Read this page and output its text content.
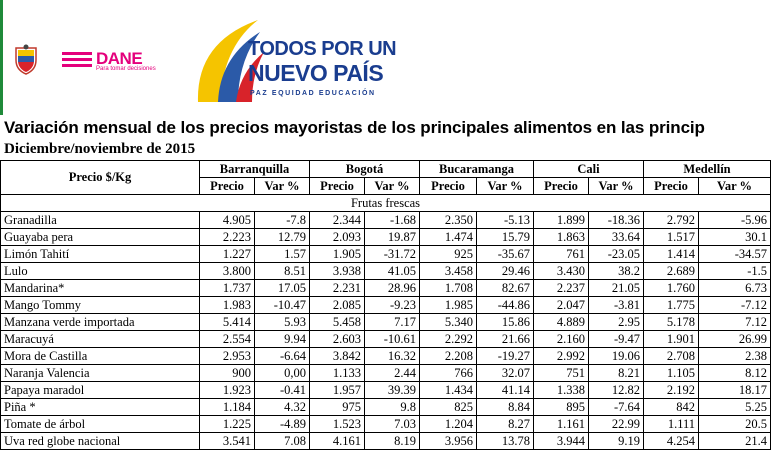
DANE
Para tomar decisiones
TODOS POR UN
NUEVO PAÍS
PAZ EQUIDAD EDUCACIÓN
Variación mensual de los precios mayoristas de los principales alimentos en las princip
Diciembre/noviembre de 2015
Precio $/Kg	Barranquilla		Bogotá		Bucaramanga		Cali		Medellín	
	Precio	Var %	Precio	Var %	Precio	Var %	Precio	Var %	Precio	Var %
Frutas frescas										
Granadilla	4.905	-7.8	2.344	-1.68	2.350	-5.13	1.899	-18.36	2.792	-5.96
Guayaba pera	2.223	12.79	2.093	19.87	1.474	15.79	1.863	33.64	1.517	30.1
Limón Tahití	1.227	1.57	1.905	-31.72	925	-35.67	761	-23.05	1.414	-34.57
Lulo	3.800	8.51	3.938	41.05	3.458	29.46	3.430	38.2	2.689	-1.5
Mandarina*	1.737	17.05	2.231	28.96	1.708	82.67	2.237	21.05	1.760	6.73
Mango Tommy	1.983	-10.47	2.085	-9.23	1.985	-44.86	2.047	-3.81	1.775	-7.12
Manzana verde importada	5.414	5.93	5.458	7.17	5.340	15.86	4.889	2.95	5.178	7.12
Maracuyá	2.554	9.94	2.603	-10.61	2.292	21.66	2.160	-9.47	1.901	26.99
Mora de Castilla	2.953	-6.64	3.842	16.32	2.208	-19.27	2.992	19.06	2.708	2.38
Naranja Valencia	900	0,00	1.133	2.44	766	32.07	751	8.21	1.105	8.12
Papaya maradol	1.923	-0.41	1.957	39.39	1.434	41.14	1.338	12.82	2.192	18.17
Piña *	1.184	4.32	975	9.8	825	8.84	895	-7.64	842	5.25
Tomate de árbol	1.225	-4.89	1.523	7.03	1.204	8.27	1.161	22.99	1.111	20.5
Uva red globe nacional	3.541	7.08	4.161	8.19	3.956	13.78	3.944	9.19	4.254	21.4
